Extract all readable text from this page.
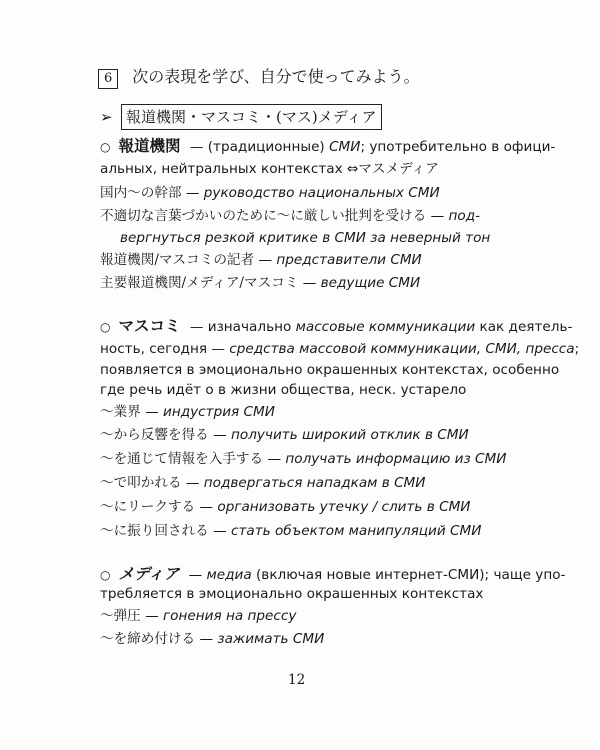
6 次の表現を学び、自分で使ってみよう。
➢ 報道機関・マスコミ・(マス)メディア
○ 報道機関 — (традиционные) СМИ; употребительно в офици-
альных, нейтральных контекстах ⇔マスメディア
国内～の幹部 — руководство национальных СМИ
不適切な言葉づかいのために～に厳しい批判を受ける — под-
вергнуться резкой критике в СМИ за неверный тон
報道機関/マスコミの記者 — представители СМИ
主要報道機関/メディア/マスコミ — ведущие СМИ
○ マスコミ — изначально массовые коммуникации как деятель-
ность, сегодня — средства массовой коммуникации, СМИ, пресса;
появляется в эмоционально окрашенных контекстах, особенно
где речь идёт о в жизни общества, неск. устарело
～業界 — индустрия СМИ
～から反響を得る — получить широкий отклик в СМИ
～を通じて情報を入手する — получать информацию из СМИ
～で叩かれる — подвергаться нападкам в СМИ
～にリークする — организовать утечку / слить в СМИ
～に振り回される — стать объектом манипуляций СМИ
○ メディア — медиа (включая новые интернет-СМИ); чаще упо-
требляется в эмоционально окрашенных контекстах
～弾圧 — гонения на прессу
～を締め付ける — зажимать СМИ
12
